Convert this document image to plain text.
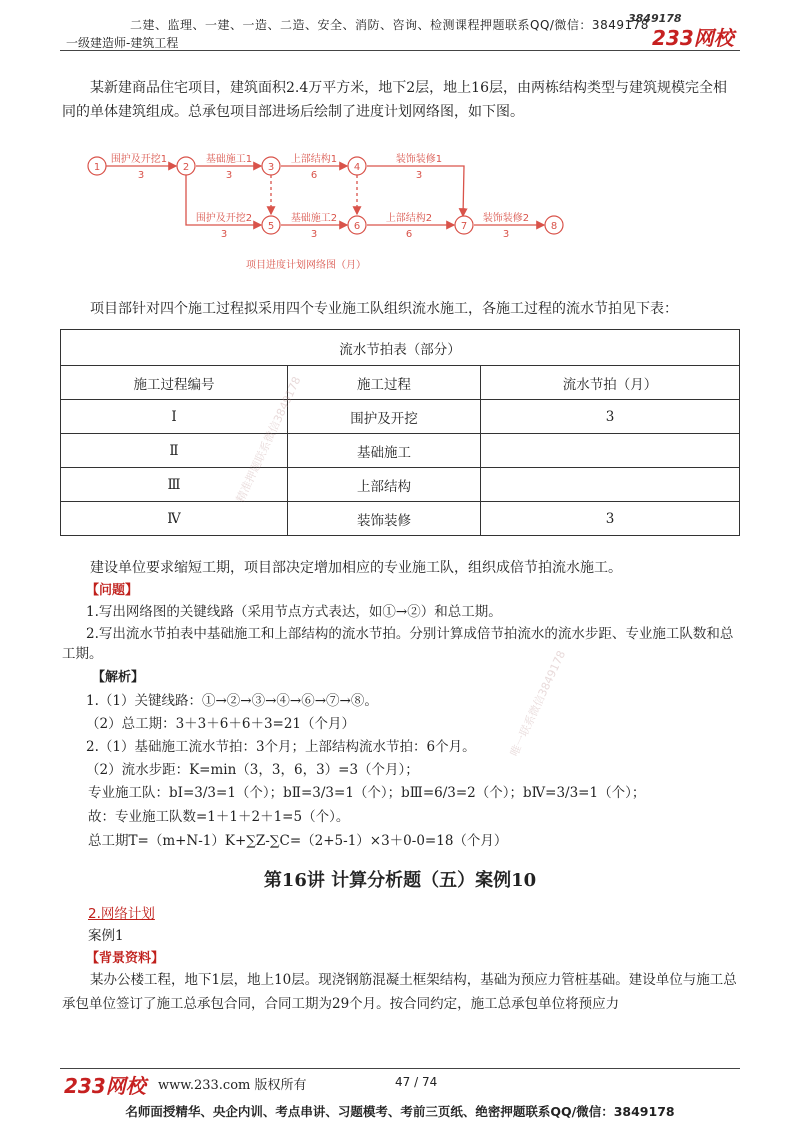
二建、监理、一建、一造、二造、安全、消防、咨询、检测课程押题联系QQ/微信：3849178
一级建造师-建筑工程
3849178
233网校
某新建商品住宅项目，建筑面积2.4万平方米，地下2层，地上16层，由两栋结构类型与建筑规模完全相同的单体建筑组成。总承包项目部进场后绘制了进度计划网络图，如下图。
1	2	3	4
5	6	7	8
围护及开挖1
3
基础施工1
3
上部结构1
6
装饰装修1
3
围护及开挖2
3
基础施工2
3
上部结构2
6
装饰装修2
3
项目进度计划网络图（月）
项目部针对四个施工过程拟采用四个专业施工队组织流水施工，各施工过程的流水节拍见下表：
流水节拍表（部分）		
施工过程编号	施工过程	流水节拍（月）
Ⅰ	围护及开挖	3
Ⅱ	基础施工	
Ⅲ	上部结构	
Ⅳ	装饰装修	3
建设单位要求缩短工期，项目部决定增加相应的专业施工队，组织成倍节拍流水施工。
【问题】
1.写出网络图的关键线路（采用节点方式表达，如①→②）和总工期。
2.写出流水节拍表中基础施工和上部结构的流水节拍。分别计算成倍节拍流水的流水步距、专业施工队数和总工期。
【解析】
1.（1）关键线路：①→②→③→④→⑥→⑦→⑧。
（2）总工期：3＋3＋6＋6＋3=21（个月）
2.（1）基础施工流水节拍：3个月；上部结构流水节拍：6个月。
（2）流水步距：K=min（3，3，6，3）=3（个月）；
专业施工队：bⅠ=3/3=1（个）；bⅡ=3/3=1（个）；bⅢ=6/3=2（个）；bⅣ=3/3=1（个）；
故：专业施工队数=1＋1＋2＋1=5（个）。
总工期T=（m+N-1）K+∑Z-∑C=（2+5-1）×3＋0-0=18（个月）
第16讲 计算分析题（五）案例10
2.网络计划
案例1
【背景资料】
某办公楼工程，地下1层，地上10层。现浇钢筋混凝土框架结构，基础为预应力管桩基础。建设单位与施工总承包单位签订了施工总承包合同，合同工期为29个月。按合同约定，施工总承包单位将预应力
精准押题联系微信3849178
唯一联系微信3849178
233网校 www.233.com 版权所有	47 / 74
名师面授精华、央企内训、考点串讲、习题模考、考前三页纸、绝密押题联系QQ/微信：3849178
